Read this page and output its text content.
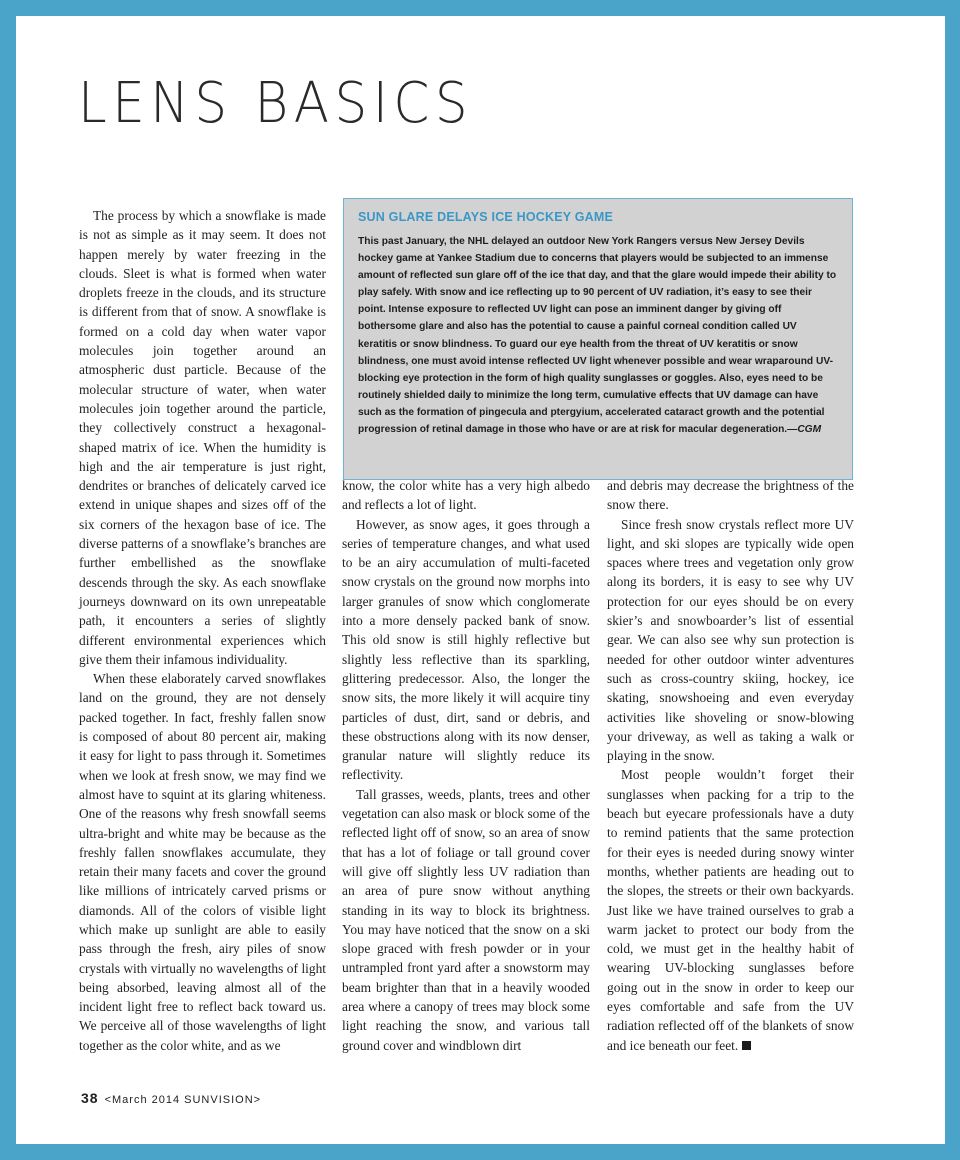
LENS BASICS

The process by which a snowflake is made is not as simple as it may seem. It does not happen merely by water freezing in the clouds. Sleet is what is formed when water droplets freeze in the clouds, and its structure is different from that of snow. A snowflake is formed on a cold day when water vapor molecules join together around an atmospheric dust particle. Because of the molecular structure of water, when water molecules join together around the particle, they collectively construct a hexagonal-shaped matrix of ice. When the humidity is high and the air temperature is just right, dendrites or branches of delicately carved ice extend in unique shapes and sizes off of the six corners of the hexagon base of ice. The diverse patterns of a snowflake’s branches are further embellished as the snowflake descends through the sky. As each snowflake journeys downward on its own unrepeatable path, it encounters a series of slightly different environmental experiences which give them their infamous individuality.

When these elaborately carved snowflakes land on the ground, they are not densely packed together. In fact, freshly fallen snow is composed of about 80 percent air, making it easy for light to pass through it. Sometimes when we look at fresh snow, we may find we almost have to squint at its glaring whiteness. One of the reasons why fresh snowfall seems ultra-bright and white may be because as the freshly fallen snowflakes accumulate, they retain their many facets and cover the ground like millions of intricately carved prisms or diamonds. All of the colors of visible light which make up sunlight are able to easily pass through the fresh, airy piles of snow crystals with virtually no wavelengths of light being absorbed, leaving almost all of the incident light free to reflect back toward us. We perceive all of those wavelengths of light together as the color white, and as we

SUN GLARE DELAYS ICE HOCKEY GAME
This past January, the NHL delayed an outdoor New York Rangers versus New Jersey Devils hockey game at Yankee Stadium due to concerns that players would be subjected to an immense amount of reflected sun glare off of the ice that day, and that the glare would impede their ability to play safely. With snow and ice reflecting up to 90 percent of UV radiation, it’s easy to see their point. Intense exposure to reflected UV light can pose an imminent danger by giving off bothersome glare and also has the potential to cause a painful corneal condition called UV keratitis or snow blindness. To guard our eye health from the threat of UV keratitis or snow blindness, one must avoid intense reflected UV light whenever possible and wear wraparound UV-blocking eye protection in the form of high quality sunglasses or goggles. Also, eyes need to be routinely shielded daily to minimize the long term, cumulative effects that UV damage can have such as the formation of pingecula and ptergyium, accelerated cataract growth and the potential progression of retinal damage in those who have or are at risk for macular degeneration.—CGM

know, the color white has a very high albedo and reflects a lot of light.

However, as snow ages, it goes through a series of temperature changes, and what used to be an airy accumulation of multi-faceted snow crystals on the ground now morphs into larger granules of snow which conglomerate into a more densely packed bank of snow. This old snow is still highly reflective but slightly less reflective than its sparkling, glittering predecessor. Also, the longer the snow sits, the more likely it will acquire tiny particles of dust, dirt, sand or debris, and these obstructions along with its now denser, granular nature will slightly reduce its reflectivity.

Tall grasses, weeds, plants, trees and other vegetation can also mask or block some of the reflected light off of snow, so an area of snow that has a lot of foliage or tall ground cover will give off slightly less UV radiation than an area of pure snow without anything standing in its way to block its brightness. You may have noticed that the snow on a ski slope graced with fresh powder or in your untrampled front yard after a snowstorm may beam brighter than that in a heavily wooded area where a canopy of trees may block some light reaching the snow, and various tall ground cover and windblown dirt

and debris may decrease the brightness of the snow there.

Since fresh snow crystals reflect more UV light, and ski slopes are typically wide open spaces where trees and vegetation only grow along its borders, it is easy to see why UV protection for our eyes should be on every skier’s and snowboarder’s list of essential gear. We can also see why sun protection is needed for other outdoor winter adventures such as cross-country skiing, hockey, ice skating, snowshoeing and even everyday activities like shoveling or snow-blowing your driveway, as well as taking a walk or playing in the snow.

Most people wouldn’t forget their sunglasses when packing for a trip to the beach but eyecare professionals have a duty to remind patients that the same protection for their eyes is needed during snowy winter months, whether patients are heading out to the slopes, the streets or their own backyards. Just like we have trained ourselves to grab a warm jacket to protect our body from the cold, we must get in the healthy habit of wearing UV-blocking sunglasses before going out in the snow in order to keep our eyes comfortable and safe from the UV radiation reflected off of the blankets of snow and ice beneath our feet.

38 <March 2014 SUNVISION>
